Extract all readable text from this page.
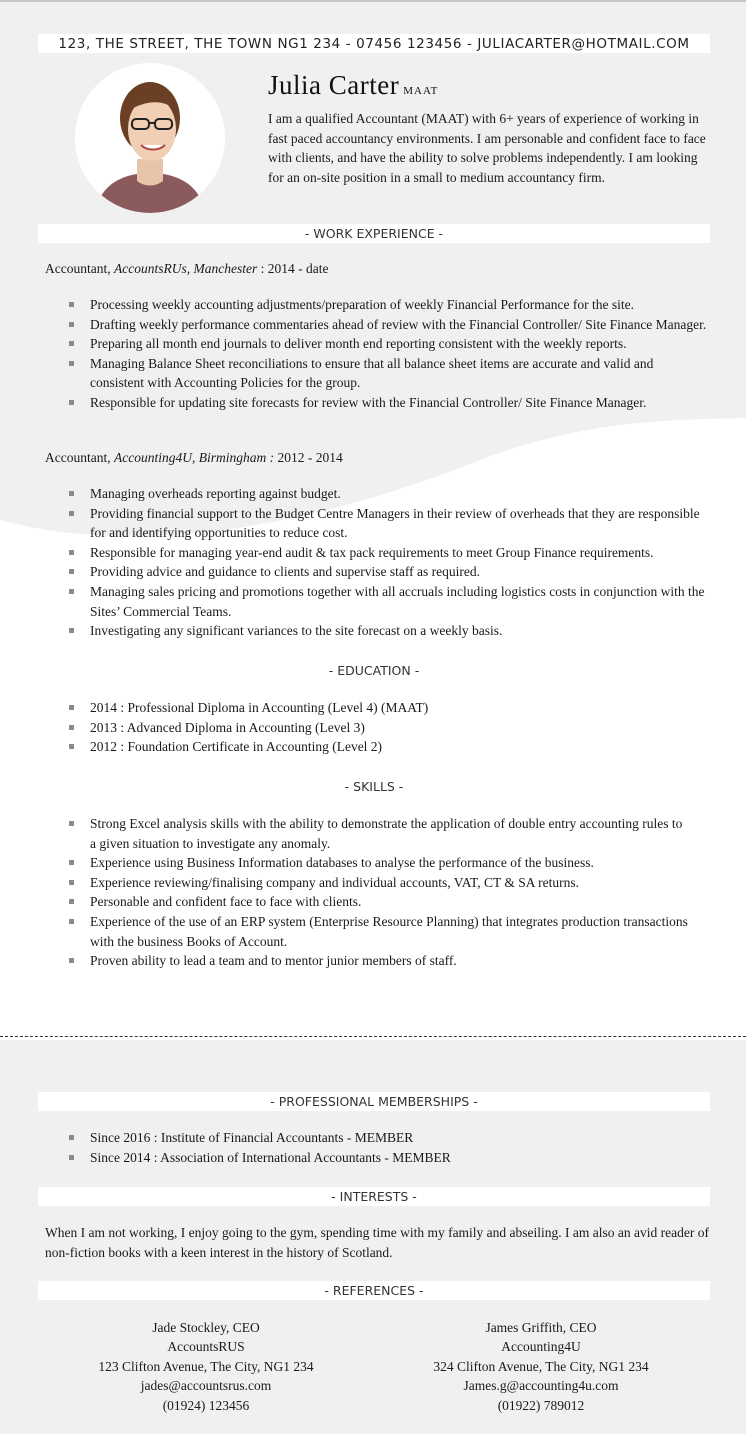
123, THE STREET, THE TOWN NG1 234 - 07456 123456 - JULIACARTER@HOTMAIL.COM
Julia Carter MAAT
I am a qualified Accountant (MAAT) with 6+ years of experience of working in fast paced accountancy environments. I am personable and confident face to face with clients, and have the ability to solve problems independently. I am looking for an on-site position in a small to medium accountancy firm.
- WORK EXPERIENCE -
Accountant, AccountsRUs, Manchester : 2014 - date
Processing weekly accounting adjustments/preparation of weekly Financial Performance for the site.
Drafting weekly performance commentaries ahead of review with the Financial Controller/ Site Finance Manager.
Preparing all month end journals to deliver month end reporting consistent with the weekly reports.
Managing Balance Sheet reconciliations to ensure that all balance sheet items are accurate and valid and consistent with Accounting Policies for the group.
Responsible for updating site forecasts for review with the Financial Controller/ Site Finance Manager.
Accountant, Accounting4U, Birmingham : 2012 - 2014
Managing overheads reporting against budget.
Providing financial support to the Budget Centre Managers in their review of overheads that they are responsible for and identifying opportunities to reduce cost.
Responsible for managing year-end audit & tax pack requirements to meet Group Finance requirements.
Providing advice and guidance to clients and supervise staff as required.
Managing sales pricing and promotions together with all accruals including logistics costs in conjunction with the Sites’ Commercial Teams.
Investigating any significant variances to the site forecast on a weekly basis.
- EDUCATION -
2014 : Professional Diploma in Accounting (Level 4) (MAAT)
2013 : Advanced Diploma in Accounting (Level 3)
2012 : Foundation Certificate in Accounting (Level 2)
- SKILLS -
Strong Excel analysis skills with the ability to demonstrate the application of double entry accounting rules to a given situation to investigate any anomaly.
Experience using Business Information databases to analyse the performance of the business.
Experience reviewing/finalising company and individual accounts, VAT, CT & SA returns.
Personable and confident face to face with clients.
Experience of the use of an ERP system (Enterprise Resource Planning) that integrates production transactions with the business Books of Account.
Proven ability to lead a team and to mentor junior members of staff.
- PROFESSIONAL MEMBERSHIPS -
Since 2016 : Institute of Financial Accountants - MEMBER
Since 2014 : Association of International Accountants - MEMBER
- INTERESTS -
When I am not working, I enjoy going to the gym, spending time with my family and abseiling. I am also an avid reader of non-fiction books with a keen interest in the history of Scotland.
- REFERENCES -
Jade Stockley, CEO
AccountsRUS
123 Clifton Avenue, The City, NG1 234
jades@accountsrus.com
(01924) 123456
James Griffith, CEO
Accounting4U
324 Clifton Avenue, The City, NG1 234
James.g@accounting4u.com
(01922) 789012
